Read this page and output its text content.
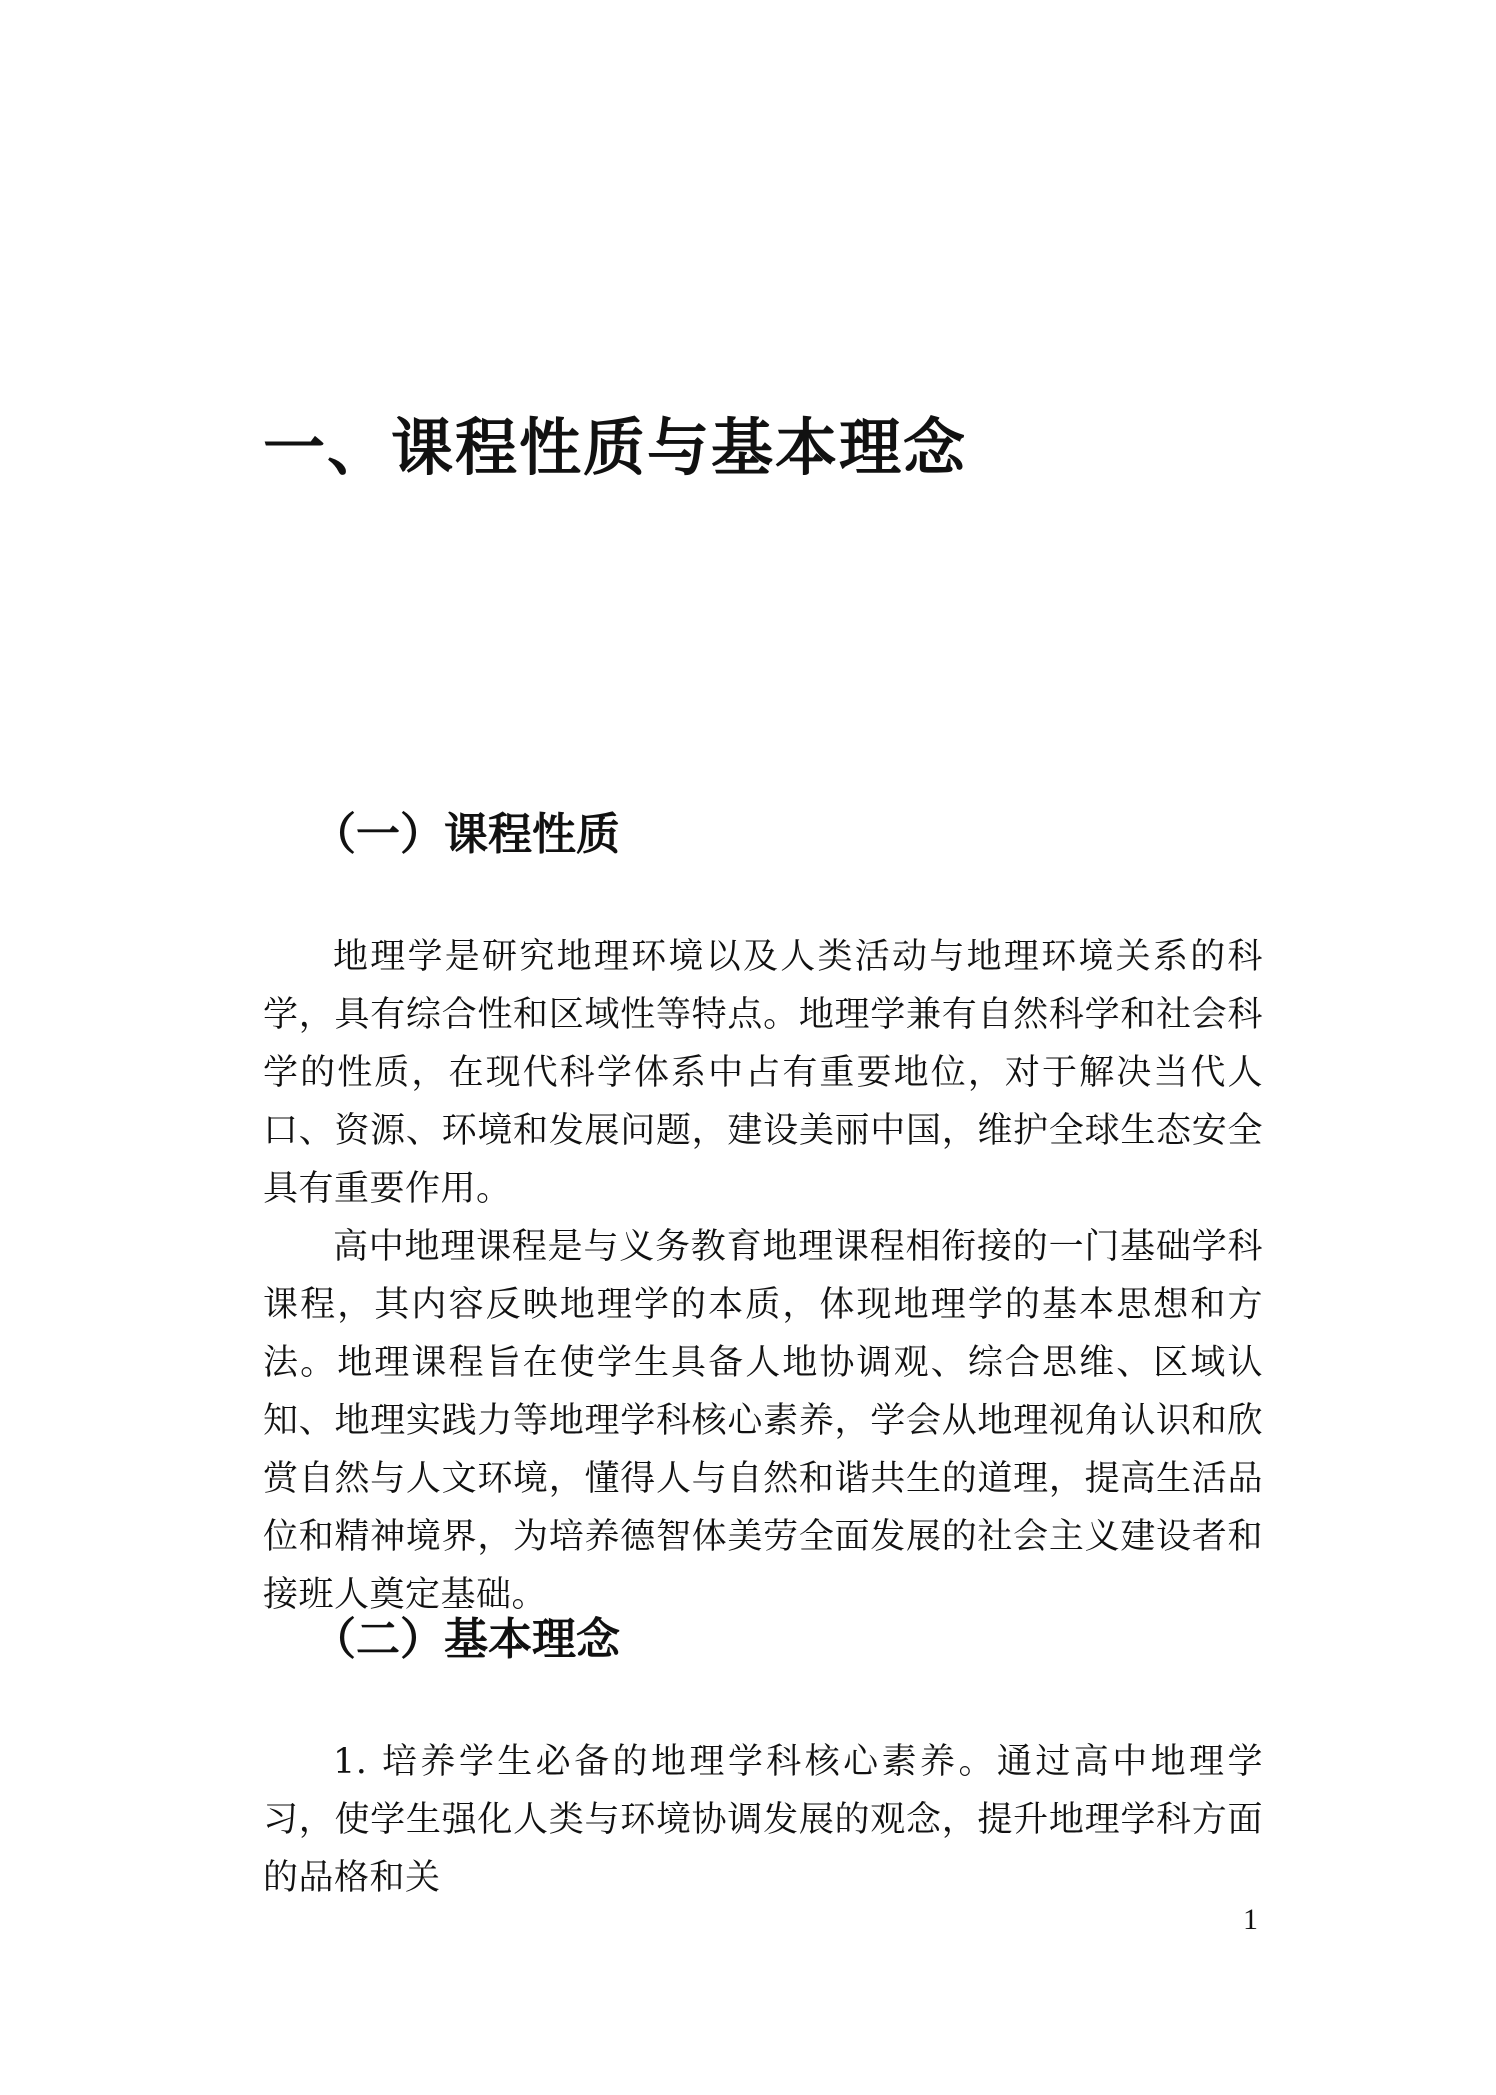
一、课程性质与基本理念
（一）课程性质

地理学是研究地理环境以及人类活动与地理环境关系的科学，具有综合性和区域性等特点。地理学兼有自然科学和社会科学的性质，在现代科学体系中占有重要地位，对于解决当代人口、资源、环境和发展问题，建设美丽中国，维护全球生态安全具有重要作用。

高中地理课程是与义务教育地理课程相衔接的一门基础学科课程，其内容反映地理学的本质，体现地理学的基本思想和方法。地理课程旨在使学生具备人地协调观、综合思维、区域认知、地理实践力等地理学科核心素养，学会从地理视角认识和欣赏自然与人文环境，懂得人与自然和谐共生的道理，提高生活品位和精神境界，为培养德智体美劳全面发展的社会主义建设者和接班人奠定基础。

（二）基本理念

1. 培养学生必备的地理学科核心素养。通过高中地理学习，使学生强化人类与环境协调发展的观念，提升地理学科方面的品格和关

1
